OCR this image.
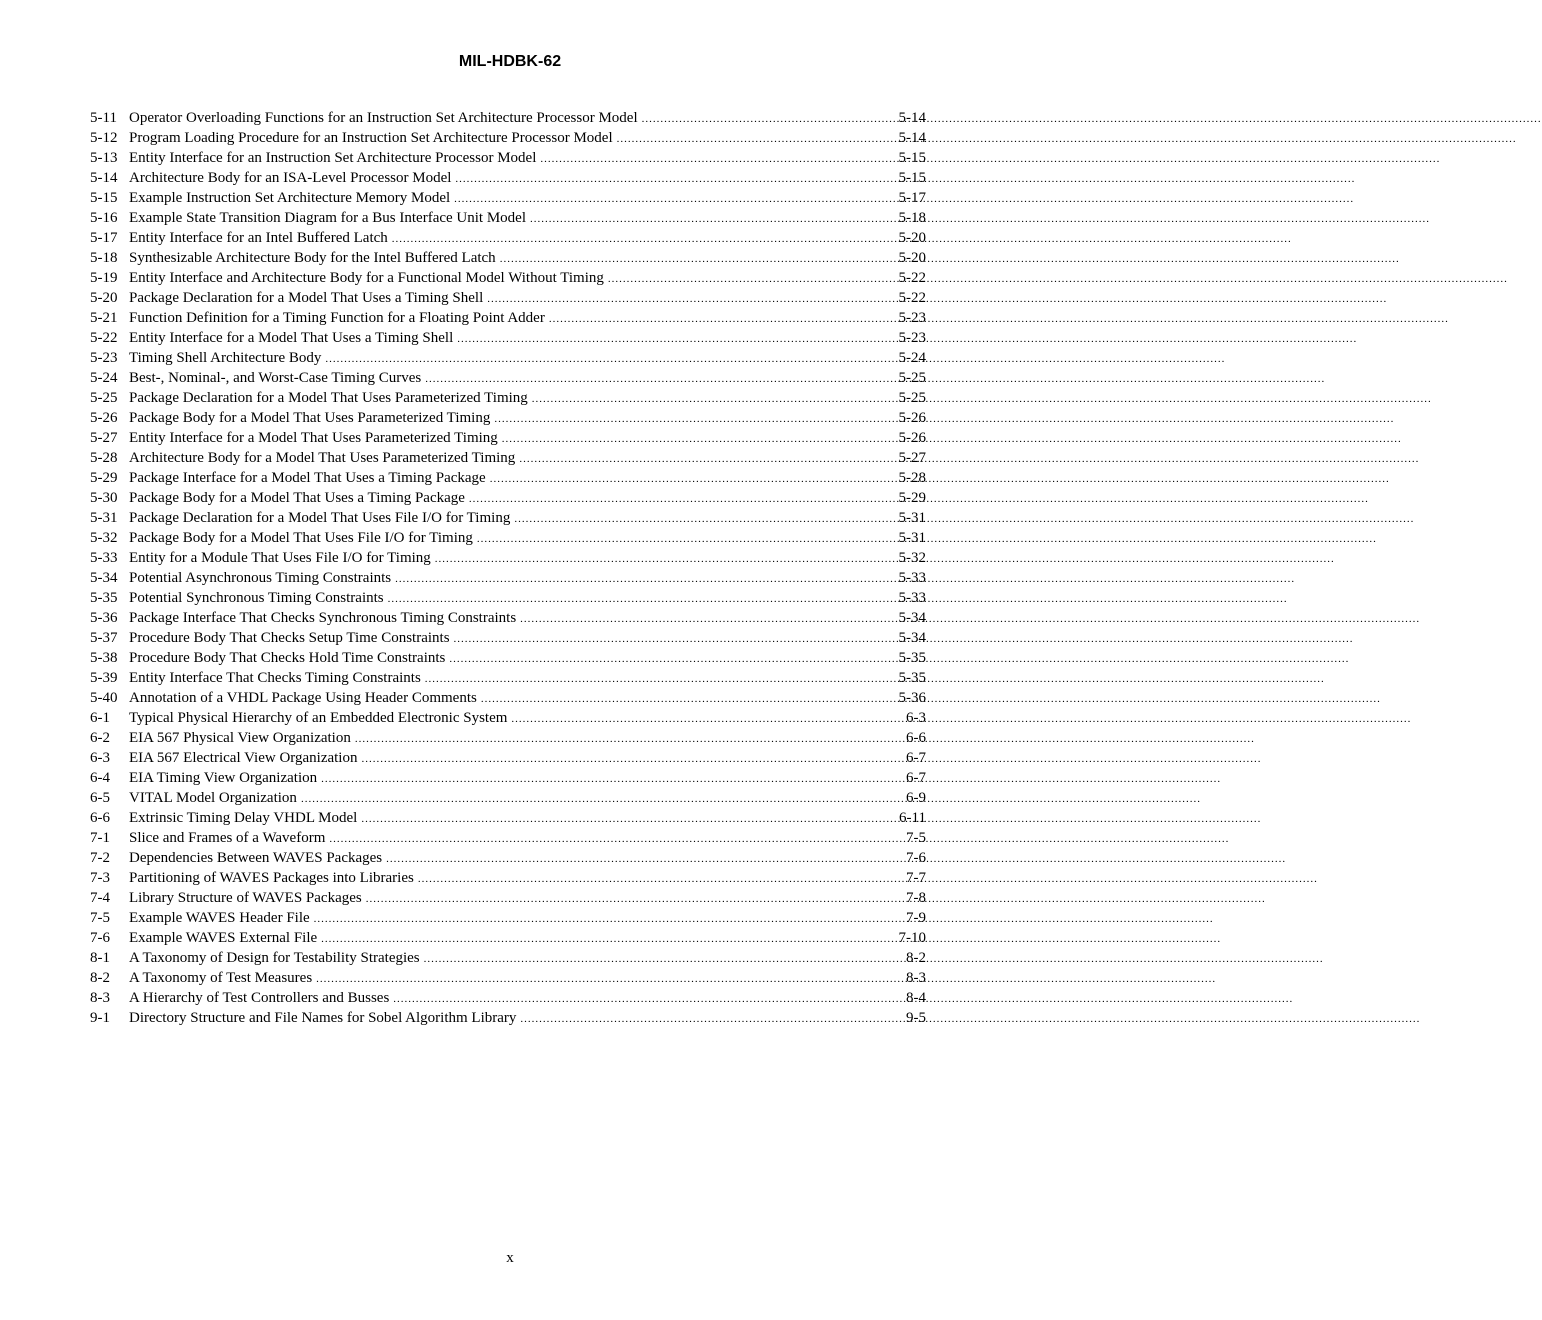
MIL-HDBK-62
5-11 Operator Overloading Functions for an Instruction Set Architecture Processor Model .....	5-14
5-12 Program Loading Procedure for an Instruction Set Architecture Processor Model .....	5-14
5-13 Entity Interface for an Instruction Set Architecture Processor Model .....	5-15
5-14 Architecture Body for an ISA-Level Processor Model .....	5-15
5-15 Example Instruction Set Architecture Memory Model .....	5-17
5-16 Example State Transition Diagram for a Bus Interface Unit Model .....	5-18
5-17 Entity Interface for an Intel Buffered Latch .....	5-20
5-18 Synthesizable Architecture Body for the Intel Buffered Latch .....	5-20
5-19 Entity Interface and Architecture Body for a Functional Model Without Timing .....	5-22
5-20 Package Declaration for a Model That Uses a Timing Shell .....	5-22
5-21 Function Definition for a Timing Function for a Floating Point Adder .....	5-23
5-22 Entity Interface for a Model That Uses a Timing Shell .....	5-23
5-23 Timing Shell Architecture Body .....	5-24
5-24 Best-, Nominal-, and Worst-Case Timing Curves .....	5-25
5-25 Package Declaration for a Model That Uses Parameterized Timing .....	5-25
5-26 Package Body for a Model That Uses Parameterized Timing .....	5-26
5-27 Entity Interface for a Model That Uses Parameterized Timing .....	5-26
5-28 Architecture Body for a Model That Uses Parameterized Timing .....	5-27
5-29 Package Interface for a Model That Uses a Timing Package .....	5-28
5-30 Package Body for a Model That Uses a Timing Package .....	5-29
5-31 Package Declaration for a Model That Uses File I/O for Timing .....	5-31
5-32 Package Body for a Model That Uses File I/O for Timing .....	5-31
5-33 Entity for a Module That Uses File I/O for Timing .....	5-32
5-34 Potential Asynchronous Timing Constraints .....	5-33
5-35 Potential Synchronous Timing Constraints .....	5-33
5-36 Package Interface That Checks Synchronous Timing Constraints .....	5-34
5-37 Procedure Body That Checks Setup Time Constraints .....	5-34
5-38 Procedure Body That Checks Hold Time Constraints .....	5-35
5-39 Entity Interface That Checks Timing Constraints .....	5-35
5-40 Annotation of a VHDL Package Using Header Comments .....	5-36
6-1	Typical Physical Hierarchy of an Embedded Electronic System .....	6-3
6-2	EIA 567 Physical View Organization .....	6-6
6-3	EIA 567 Electrical View Organization .....	6-7
6-4	EIA Timing View Organization .....	6-7
6-5	VITAL Model Organization .....	6-9
6-6	Extrinsic Timing Delay VHDL Model .....	6-11
7-1	Slice and Frames of a Waveform .....	7-5
7-2	Dependencies Between WAVES Packages .....	7-6
7-3	Partitioning of WAVES Packages into Libraries .....	7-7
7-4	Library Structure of WAVES Packages .....	7-8
7-5	Example WAVES Header File .....	7-9
7-6	Example WAVES External File .....	7-10
8-1	A Taxonomy of Design for Testability Strategies .....	8-2
8-2	A Taxonomy of Test Measures .....	8-3
8-3	A Hierarchy of Test Controllers and Busses .....	8-4
9-1	Directory Structure and File Names for Sobel Algorithm Library .....	9-5
x
